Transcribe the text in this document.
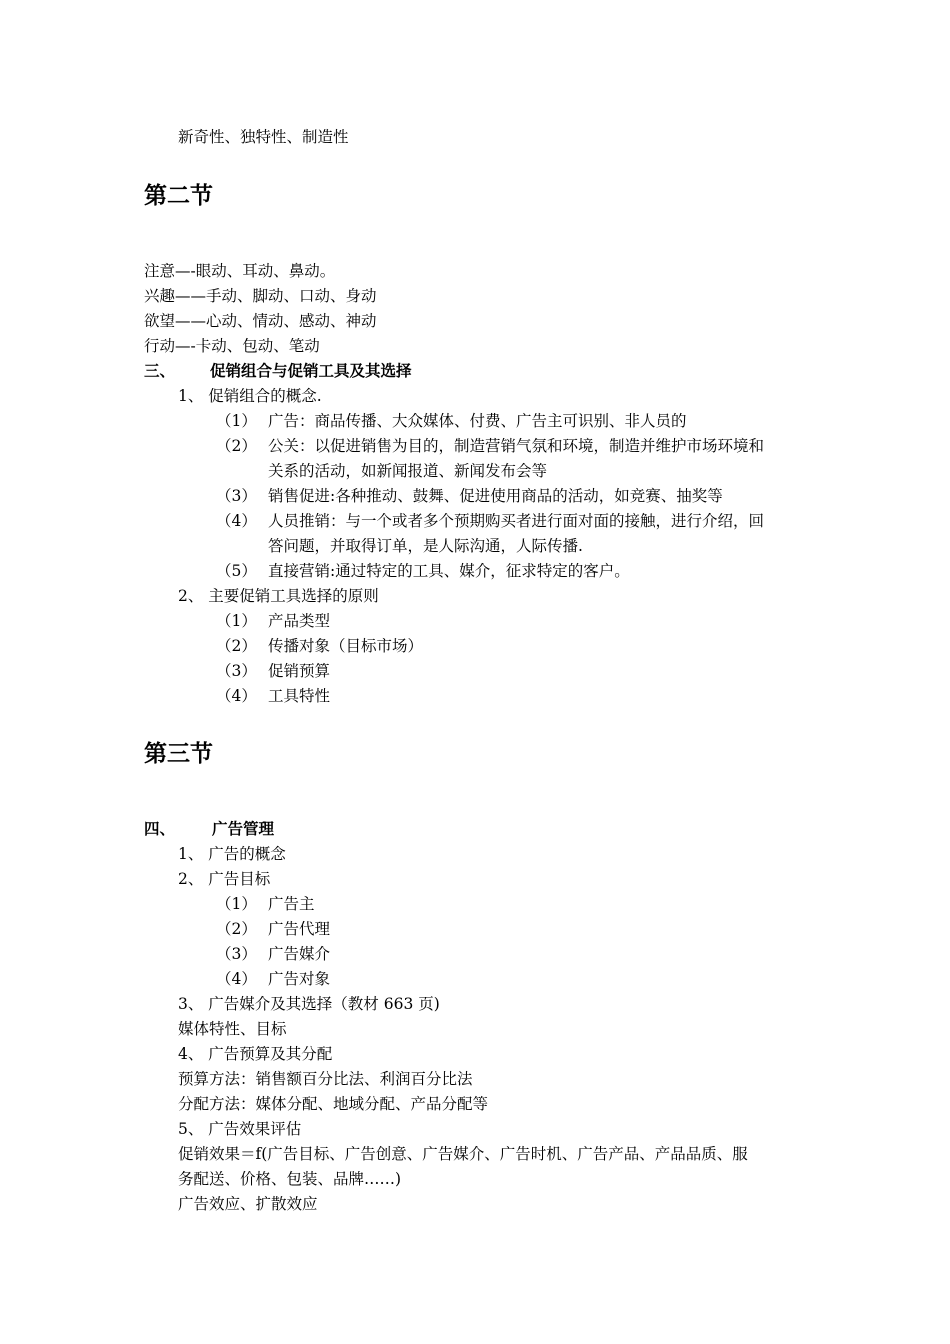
新奇性、独特性、制造性
第二节
注意—-眼动、耳动、鼻动。
兴趣——手动、脚动、口动、身动
欲望——心动、情动、感动、神动
行动—-卡动、包动、笔动
三、 促销组合与促销工具及其选择
1、 促销组合的概念.
（1） 广告：商品传播、大众媒体、付费、广告主可识别、非人员的
（2） 公关：以促进销售为目的，制造营销气氛和环境，制造并维护市场环境和
关系的活动，如新闻报道、新闻发布会等
（3） 销售促进:各种推动、鼓舞、促进使用商品的活动，如竞赛、抽奖等
（4） 人员推销：与一个或者多个预期购买者进行面对面的接触，进行介绍，回
答问题，并取得订单，是人际沟通，人际传播.
（5） 直接营销:通过特定的工具、媒介，征求特定的客户。
2、 主要促销工具选择的原则
（1） 产品类型
（2） 传播对象（目标市场）
（3） 促销预算
（4） 工具特性
第三节
四、 广告管理
1、 广告的概念
2、 广告目标
（1） 广告主
（2） 广告代理
（3） 广告媒介
（4） 广告对象
3、 广告媒介及其选择（教材 663 页)
媒体特性、目标
4、 广告预算及其分配
预算方法：销售额百分比法、利润百分比法
分配方法：媒体分配、地域分配、产品分配等
5、 广告效果评估
促销效果＝f(广告目标、广告创意、广告媒介、广告时机、广告产品、产品品质、服
务配送、价格、包装、品牌……)
广告效应、扩散效应
